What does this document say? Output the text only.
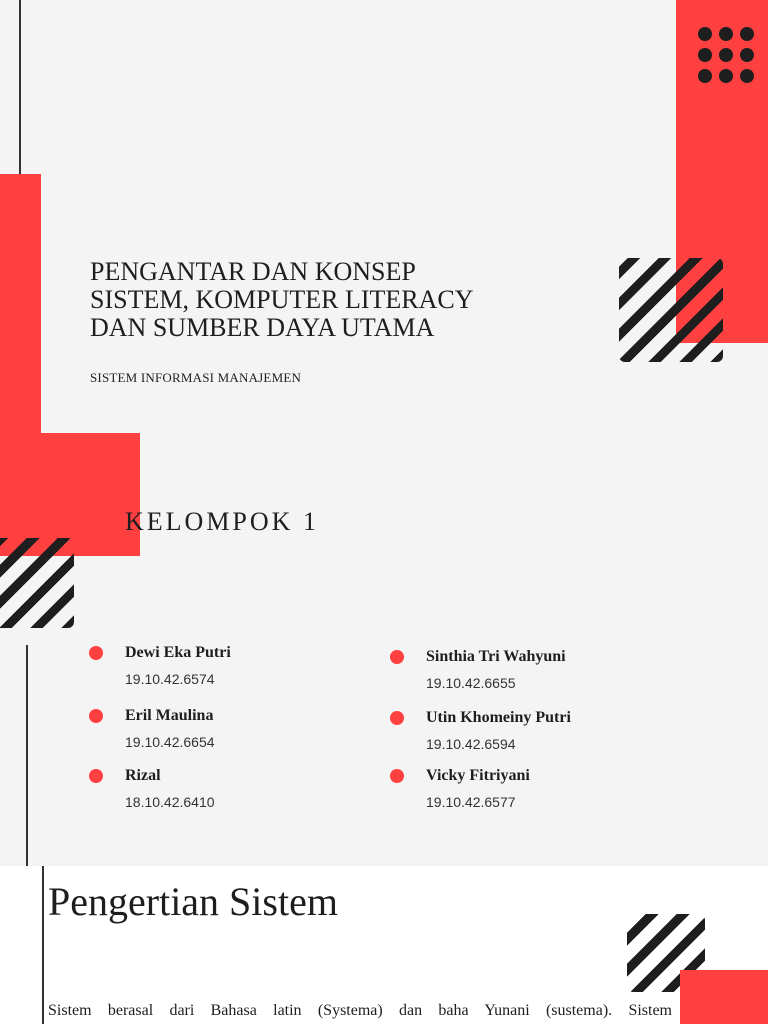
PENGANTAR DAN KONSEP
SISTEM, KOMPUTER LITERACY
DAN SUMBER DAYA UTAMA

SISTEM INFORMASI MANAJEMEN

KELOMPOK 1
Dewi Eka Putri
19.10.42.6574
Eril Maulina
19.10.42.6654
Rizal
18.10.42.6410
Sinthia Tri Wahyuni
19.10.42.6655
Utin Khomeiny Putri
19.10.42.6594
Vicky Fitriyani
19.10.42.6577
Pengertian Sistem

Sistem berasal dari Bahasa latin (Systema) dan baha Yunani (sustema). Sistem
